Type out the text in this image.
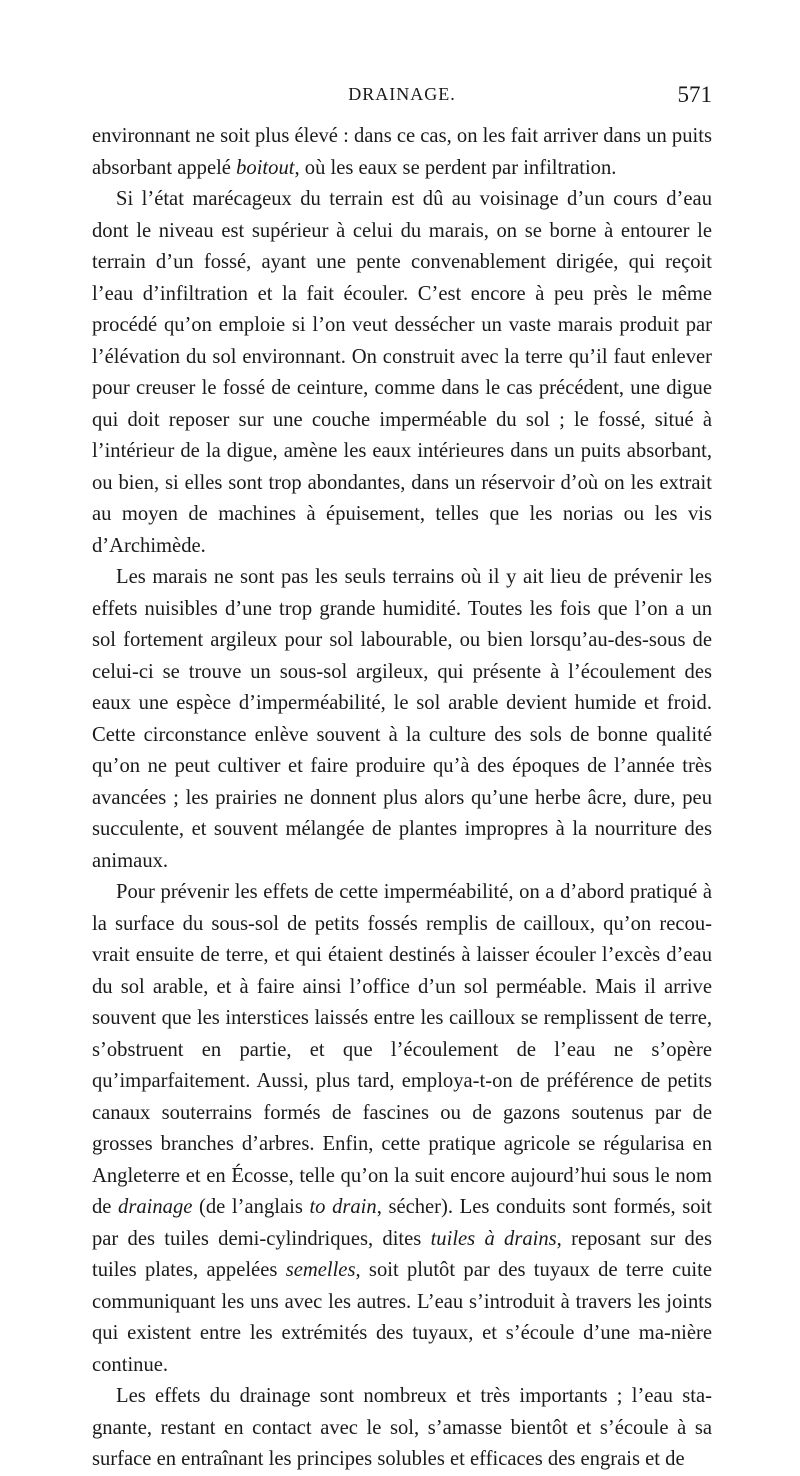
DRAINAGE.	571

environnant ne soit plus élevé : dans ce cas, on les fait arriver dans un puits absorbant appelé boitout, où les eaux se perdent par infiltration.

Si l’état marécageux du terrain est dû au voisinage d’un cours d’eau dont le niveau est supérieur à celui du marais, on se borne à entourer le terrain d’un fossé, ayant une pente convenablement dirigée, qui reçoit l’eau d’infiltration et la fait écouler. C’est encore à peu près le même procédé qu’on emploie si l’on veut dessécher un vaste marais produit par l’élévation du sol environnant. On construit avec la terre qu’il faut enlever pour creuser le fossé de ceinture, comme dans le cas précédent, une digue qui doit reposer sur une couche imperméable du sol ; le fossé, situé à l’intérieur de la digue, amène les eaux intérieures dans un puits absorbant, ou bien, si elles sont trop abondantes, dans un réservoir d’où on les extrait au moyen de machines à épuisement, telles que les norias ou les vis d’Archimède.

Les marais ne sont pas les seuls terrains où il y ait lieu de prévenir les effets nuisibles d’une trop grande humidité. Toutes les fois que l’on a un sol fortement argileux pour sol labourable, ou bien lorsqu’au-des-sous de celui-ci se trouve un sous-sol argileux, qui présente à l’écoulement des eaux une espèce d’imperméabilité, le sol arable devient humide et froid. Cette circonstance enlève souvent à la culture des sols de bonne qualité qu’on ne peut cultiver et faire produire qu’à des époques de l’année très avancées ; les prairies ne donnent plus alors qu’une herbe âcre, dure, peu succulente, et souvent mélangée de plantes impropres à la nourriture des animaux.

Pour prévenir les effets de cette imperméabilité, on a d’abord pratiqué à la surface du sous-sol de petits fossés remplis de cailloux, qu’on recou-vrait ensuite de terre, et qui étaient destinés à laisser écouler l’excès d’eau du sol arable, et à faire ainsi l’office d’un sol perméable. Mais il arrive souvent que les interstices laissés entre les cailloux se remplissent de terre, s’obstruent en partie, et que l’écoulement de l’eau ne s’opère qu’imparfaitement. Aussi, plus tard, employa-t-on de préférence de petits canaux souterrains formés de fascines ou de gazons soutenus par de grosses branches d’arbres. Enfin, cette pratique agricole se régularisa en Angleterre et en Écosse, telle qu’on la suit encore aujourd’hui sous le nom de drainage (de l’anglais to drain, sécher). Les conduits sont formés, soit par des tuiles demi-cylindriques, dites tuiles à drains, reposant sur des tuiles plates, appelées semelles, soit plutôt par des tuyaux de terre cuite communiquant les uns avec les autres. L’eau s’introduit à travers les joints qui existent entre les extrémités des tuyaux, et s’écoule d’une ma-nière continue.

Les effets du drainage sont nombreux et très importants ; l’eau sta-gnante, restant en contact avec le sol, s’amasse bientôt et s’écoule à sa surface en entraînant les principes solubles et efficaces des engrais et de
